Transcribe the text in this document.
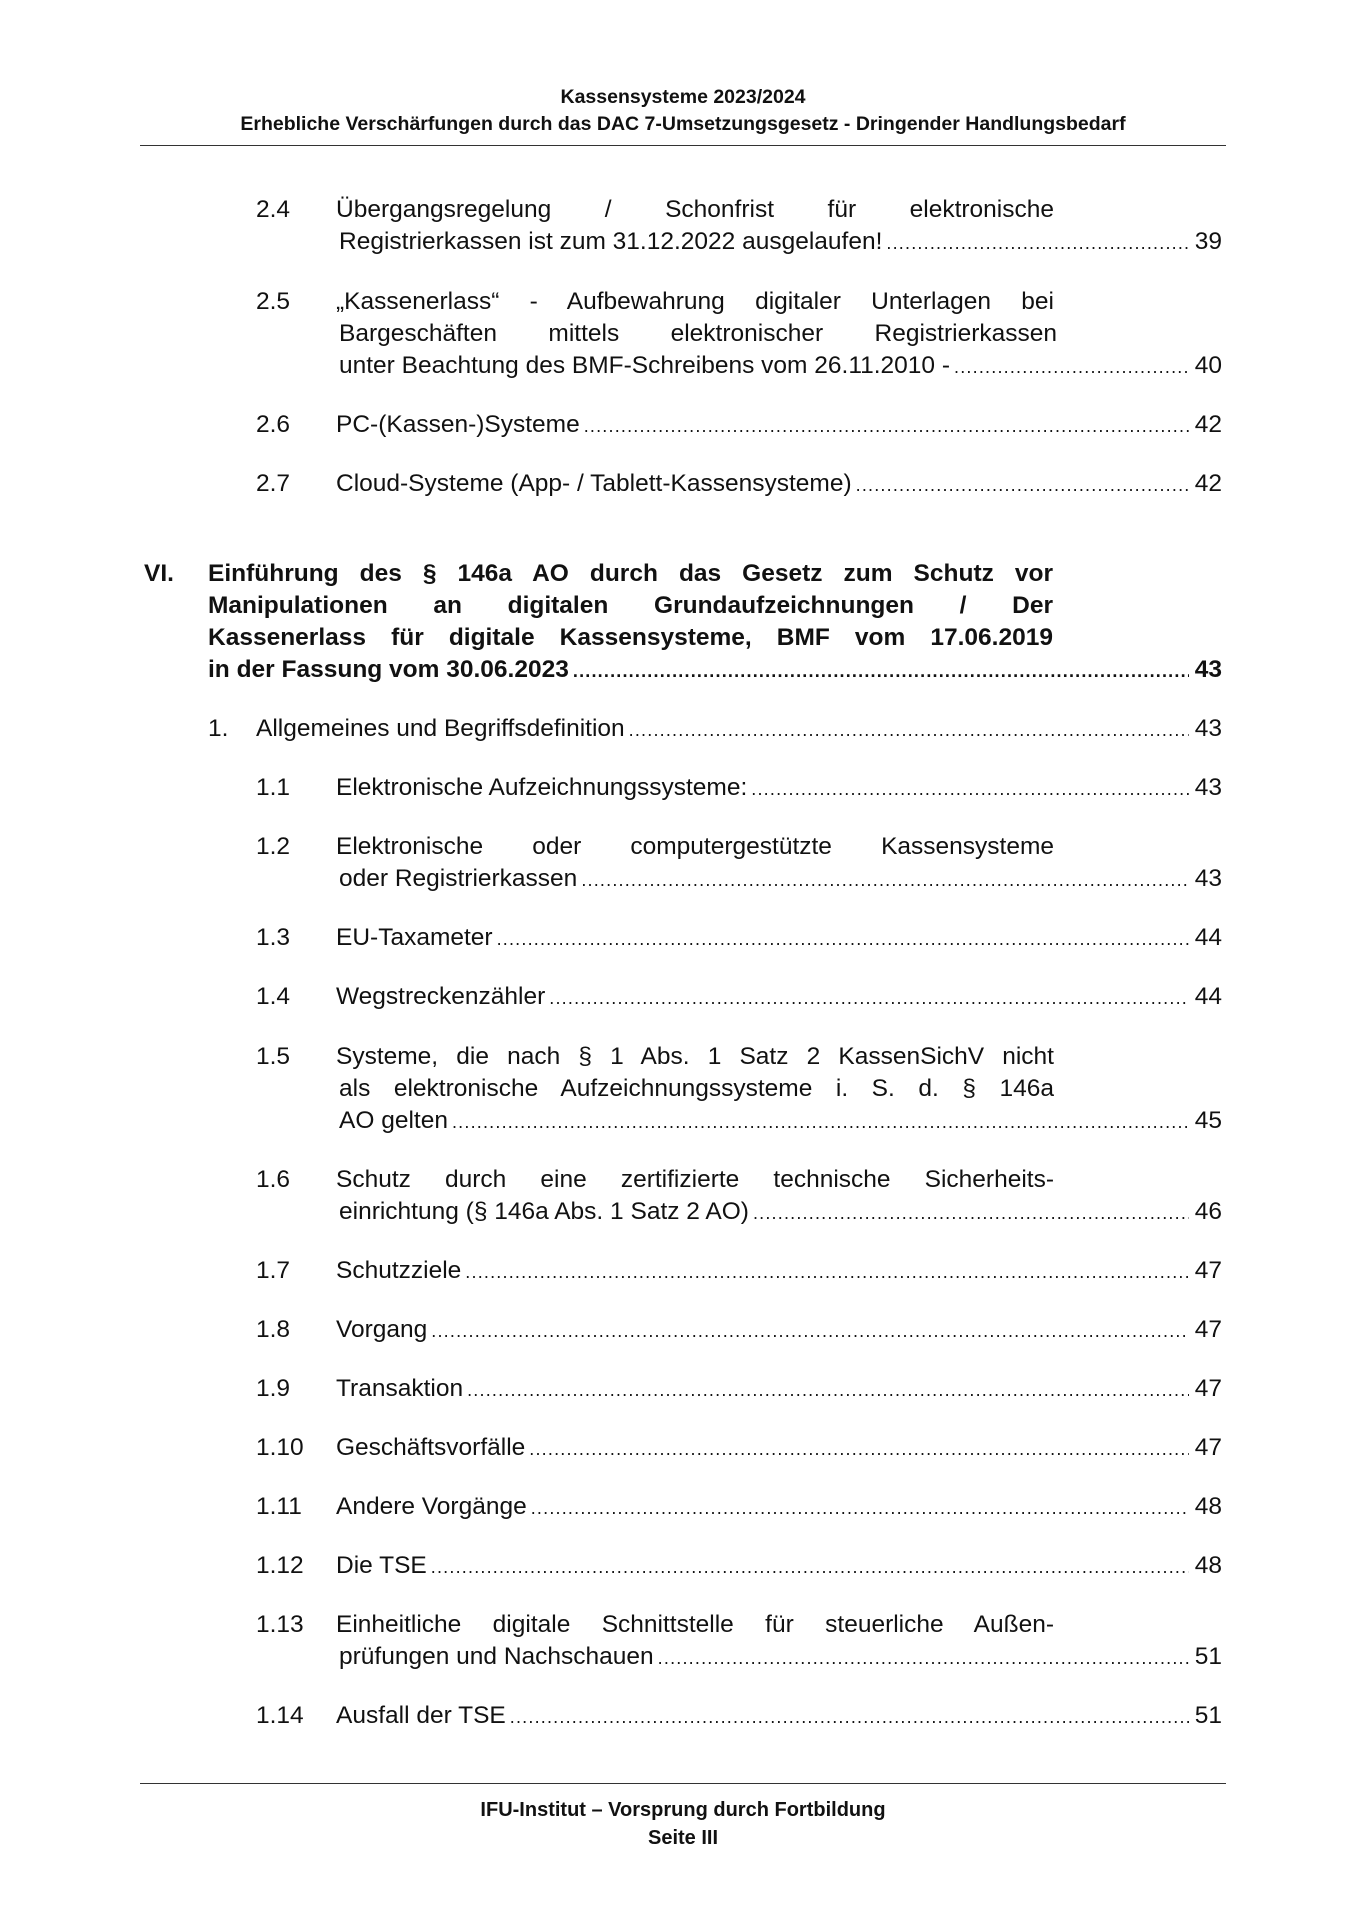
Kassensysteme 2023/2024
Erhebliche Verschärfungen durch das DAC 7-Umsetzungsgesetz - Dringender Handlungsbedarf
2.4 Übergangsregelung / Schonfrist für elektronische
Registrierkassen ist zum 31.12.2022 ausgelaufen! .....	39
2.5 „Kassenerlass“ - Aufbewahrung digitaler Unterlagen bei
Bargeschäften mittels elektronischer Registrierkassen
unter Beachtung des BMF-Schreibens vom 26.11.2010 - .....	40
2.6 PC-(Kassen-)Systeme .....	42
2.7 Cloud-Systeme (App- / Tablett-Kassensysteme) .....	42
VI. Einführung des § 146a AO durch das Gesetz zum Schutz vor
Manipulationen an digitalen Grundaufzeichnungen / Der
Kassenerlass für digitale Kassensysteme, BMF vom 17.06.2019
in der Fassung vom 30.06.2023 .....	43
1. Allgemeines und Begriffsdefinition .....	43
1.1 Elektronische Aufzeichnungssysteme: .....	43
1.2 Elektronische oder computergestützte Kassensysteme
oder Registrierkassen .....	43
1.3 EU-Taxameter .....	44
1.4 Wegstreckenzähler .....	44
1.5 Systeme, die nach § 1 Abs. 1 Satz 2 KassenSichV nicht
als elektronische Aufzeichnungssysteme i. S. d. § 146a
AO gelten .....	45
1.6 Schutz durch eine zertifizierte technische Sicherheits-
einrichtung (§ 146a Abs. 1 Satz 2 AO) .....	46
1.7 Schutzziele .....	47
1.8 Vorgang .....	47
1.9 Transaktion .....	47
1.10 Geschäftsvorfälle .....	47
1.11 Andere Vorgänge .....	48
1.12 Die TSE .....	48
1.13 Einheitliche digitale Schnittstelle für steuerliche Außen-
prüfungen und Nachschauen .....	51
1.14 Ausfall der TSE .....	51
IFU-Institut – Vorsprung durch Fortbildung
Seite III
